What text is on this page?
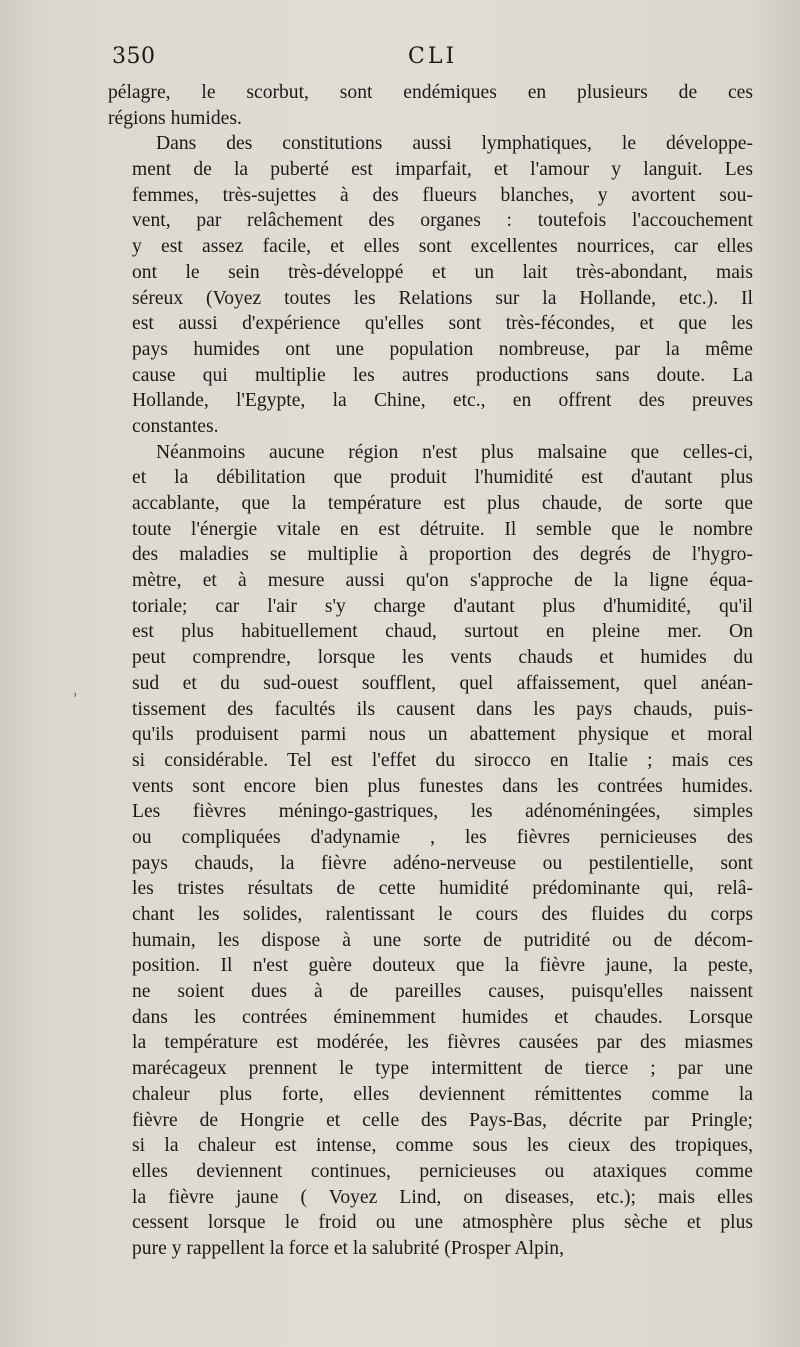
350	CLI

pélagre, le scorbut, sont endémiques en plusieurs de ces
régions humides.

Dans des constitutions aussi lymphatiques, le développe-
ment de la puberté est imparfait, et l'amour y languit. Les
femmes, très-sujettes à des flueurs blanches, y avortent sou-
vent, par relâchement des organes : toutefois l'accouchement
y est assez facile, et elles sont excellentes nourrices, car elles
ont le sein très-développé et un lait très-abondant, mais
séreux (Voyez toutes les Relations sur la Hollande, etc.). Il
est aussi d'expérience qu'elles sont très-fécondes, et que les
pays humides ont une population nombreuse, par la même
cause qui multiplie les autres productions sans doute. La
Hollande, l'Egypte, la Chine, etc., en offrent des preuves
constantes.

Néanmoins aucune région n'est plus malsaine que celles-ci,
et la débilitation que produit l'humidité est d'autant plus
accablante, que la température est plus chaude, de sorte que
toute l'énergie vitale en est détruite. Il semble que le nombre
des maladies se multiplie à proportion des degrés de l'hygro-
mètre, et à mesure aussi qu'on s'approche de la ligne équa-
toriale; car l'air s'y charge d'autant plus d'humidité, qu'il
est plus habituellement chaud, surtout en pleine mer. On
peut comprendre, lorsque les vents chauds et humides du
sud et du sud-ouest soufflent, quel affaissement, quel anéan-
tissement des facultés ils causent dans les pays chauds, puis-
qu'ils produisent parmi nous un abattement physique et moral
si considérable. Tel est l'effet du sirocco en Italie ; mais ces
vents sont encore bien plus funestes dans les contrées humides.
Les fièvres méningo-gastriques, les adénoméningées, simples
ou compliquées d'adynamie , les fièvres pernicieuses des
pays chauds, la fièvre adéno-nerveuse ou pestilentielle, sont
les tristes résultats de cette humidité prédominante qui, relâ-
chant les solides, ralentissant le cours des fluides du corps
humain, les dispose à une sorte de putridité ou de décom-
position. Il n'est guère douteux que la fièvre jaune, la peste,
ne soient dues à de pareilles causes, puisqu'elles naissent
dans les contrées éminemment humides et chaudes. Lorsque
la température est modérée, les fièvres causées par des miasmes
marécageux prennent le type intermittent de tierce ; par une
chaleur plus forte, elles deviennent rémittentes comme la
fièvre de Hongrie et celle des Pays-Bas, décrite par Pringle;
si la chaleur est intense, comme sous les cieux des tropiques,
elles deviennent continues, pernicieuses ou ataxiques comme
la fièvre jaune ( Voyez Lind, on diseases, etc.); mais elles
cessent lorsque le froid ou une atmosphère plus sèche et plus
pure y rappellent la force et la salubrité (Prosper Alpin,

ʾ
